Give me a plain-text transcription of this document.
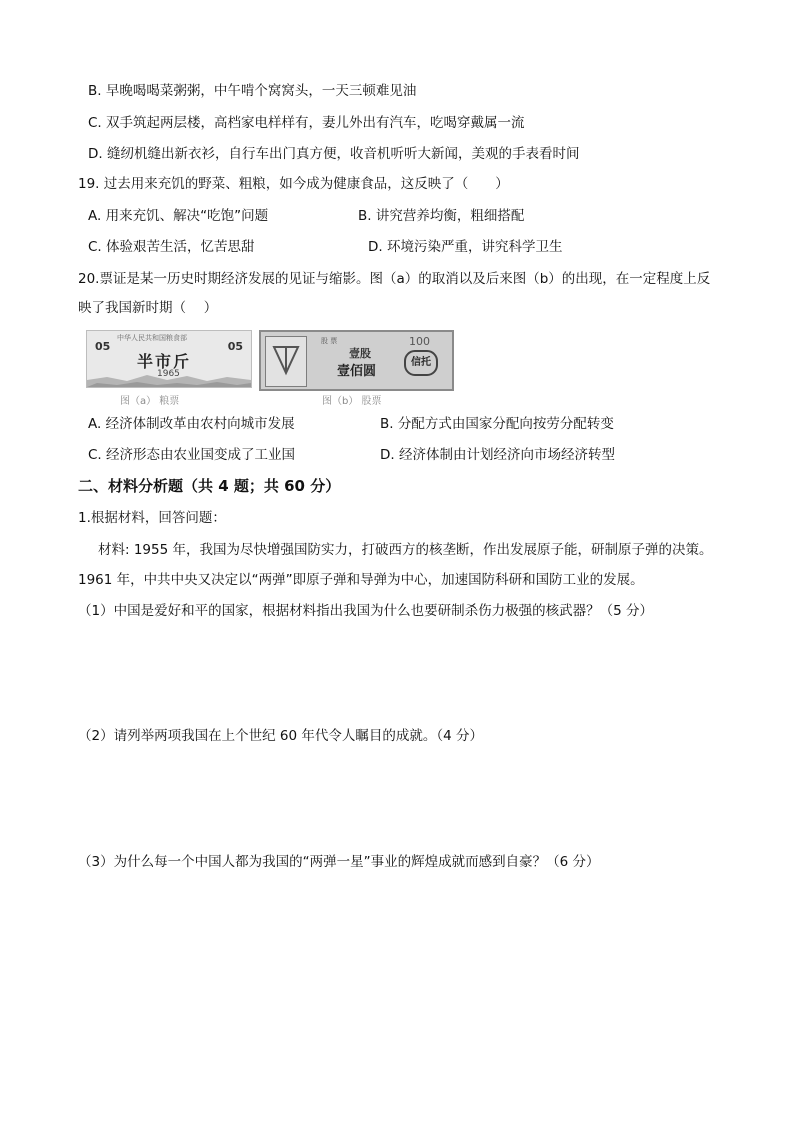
B. 早晚喝喝菜粥粥，中午啃个窝窝头，一天三顿难见油
C. 双手筑起两层楼，高档家电样样有，妻儿外出有汽车，吃喝穿戴属一流
D. 缝纫机缝出新衣衫，自行车出门真方便，收音机听听大新闻，美观的手表看时间
19. 过去用来充饥的野菜、粗粮，如今成为健康食品，这反映了（　　）
A. 用来充饥、解决“吃饱”问题	B. 讲究营养均衡，粗细搭配
C. 体验艰苦生活，忆苦思甜	D. 环境污染严重，讲究科学卫生
20.票证是某一历史时期经济发展的见证与缩影。图（a）的取消以及后来图（b）的出现，在一定程度上反
映了我国新时期（　 ）
中华人民共和国粮食部
05	05
半市斤
1965
图（a） 粮票
股 票	100
壹股
壹佰圆
信托
图（b） 股票
A. 经济体制改革由农村向城市发展	B. 分配方式由国家分配向按劳分配转变
C. 经济形态由农业国变成了工业国	D. 经济体制由计划经济向市场经济转型
二、材料分析题（共 4 题；共 60 分）
1.根据材料，回答问题：
材料: 1955 年，我国为尽快增强国防实力，打破西方的核垄断，作出发展原子能，研制原子弹的决策。
1961 年，中共中央又决定以“两弹”即原子弹和导弹为中心，加速国防科研和国防工业的发展。
（1）中国是爱好和平的国家，根据材料指出我国为什么也要研制杀伤力极强的核武器？（5 分）
（2）请列举两项我国在上个世纪 60 年代令人瞩目的成就。（4 分）
（3）为什么每一个中国人都为我国的“两弹一星”事业的辉煌成就而感到自豪？（6 分）
